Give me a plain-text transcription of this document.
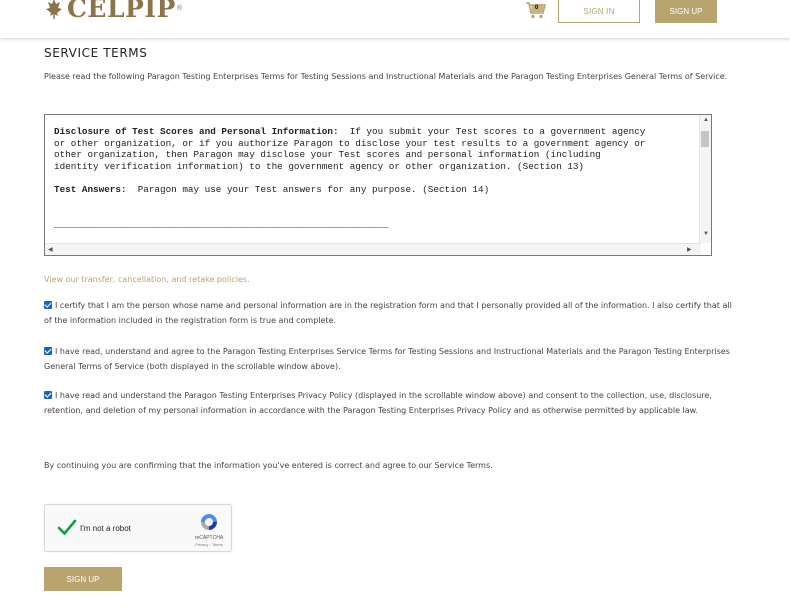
CELPIP ®	0	SIGN IN	SIGN UP
SERVICE TERMS
Please read the following Paragon Testing Enterprises Terms for Testing Sessions and Instructional Materials and the Paragon Testing Enterprises General Terms of Service.
Disclosure of Test Scores and Personal Information:  If you submit your Test scores to a government agency
or other organization, or if you authorize Paragon to disclose your test results to a government agency or
other organization, then Paragon may disclose your Test scores and personal information (including
identity verification information) to the government agency or other organization. (Section 13)

Test Answers:  Paragon may use your Test answers for any purpose. (Section 14)

____________________________________________________________
▲
▼
◀	▶
View our transfer, cancellation, and retake policies.
I certify that I am the person whose name and personal information are in the registration form and that I personally provided all of the information. I also certify that all of the information included in the registration form is true and complete.
I have read, understand and agree to the Paragon Testing Enterprises Service Terms for Testing Sessions and Instructional Materials and the Paragon Testing Enterprises General Terms of Service (both displayed in the scrollable window above).
I have read and understand the Paragon Testing Enterprises Privacy Policy (displayed in the scrollable window above) and consent to the collection, use, disclosure, retention, and deletion of my personal information in accordance with the Paragon Testing Enterprises Privacy Policy and as otherwise permitted by applicable law.
By continuing you are confirming that the information you've entered is correct and agree to our Service Terms.
I'm not a robot
reCAPTCHA
Privacy - Terms
SIGN UP
